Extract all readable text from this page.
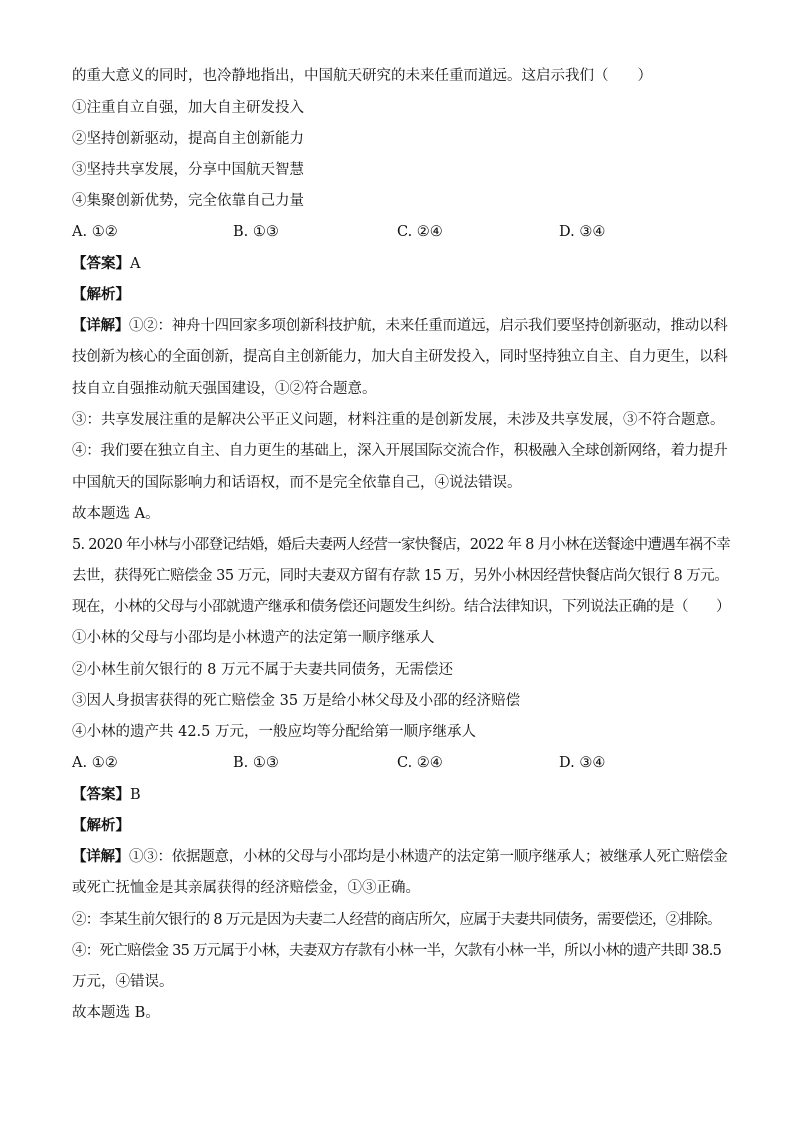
的重大意义的同时，也冷静地指出，中国航天研究的未来任重而道远。这启示我们（　　）
①注重自立自强，加大自主研发投入
②坚持创新驱动，提高自主创新能力
③坚持共享发展，分享中国航天智慧
④集聚创新优势，完全依靠自己力量
A. ①②	B. ①③	C. ②④	D. ③④
【答案】A
【解析】
【详解】①②：神舟十四回家多项创新科技护航，未来任重而道远，启示我们要坚持创新驱动，推动以科
技创新为核心的全面创新，提高自主创新能力，加大自主研发投入，同时坚持独立自主、自力更生，以科
技自立自强推动航天强国建设，①②符合题意。
③：共享发展注重的是解决公平正义问题，材料注重的是创新发展，未涉及共享发展，③不符合题意。
④：我们要在独立自主、自力更生的基础上，深入开展国际交流合作，积极融入全球创新网络，着力提升
中国航天的国际影响力和话语权，而不是完全依靠自己，④说法错误。
故本题选 A。
5. 2020 年小林与小邵登记结婚，婚后夫妻两人经营一家快餐店，2022 年 8 月小林在送餐途中遭遇车祸不幸
去世，获得死亡赔偿金 35 万元，同时夫妻双方留有存款 15 万，另外小林因经营快餐店尚欠银行 8 万元。
现在，小林的父母与小邵就遗产继承和债务偿还问题发生纠纷。结合法律知识，下列说法正确的是（　　）
①小林的父母与小邵均是小林遗产的法定第一顺序继承人
②小林生前欠银行的 8 万元不属于夫妻共同债务，无需偿还
③因人身损害获得的死亡赔偿金 35 万是给小林父母及小邵的经济赔偿
④小林的遗产共 42.5 万元，一般应均等分配给第一顺序继承人
A. ①②	B. ①③	C. ②④	D. ③④
【答案】B
【解析】
【详解】①③：依据题意，小林的父母与小邵均是小林遗产的法定第一顺序继承人；被继承人死亡赔偿金
或死亡抚恤金是其亲属获得的经济赔偿金，①③正确。
②：李某生前欠银行的 8 万元是因为夫妻二人经营的商店所欠，应属于夫妻共同债务，需要偿还，②排除。
④：死亡赔偿金 35 万元属于小林，夫妻双方存款有小林一半，欠款有小林一半，所以小林的遗产共即 38.5
万元，④错误。
故本题选 B。
